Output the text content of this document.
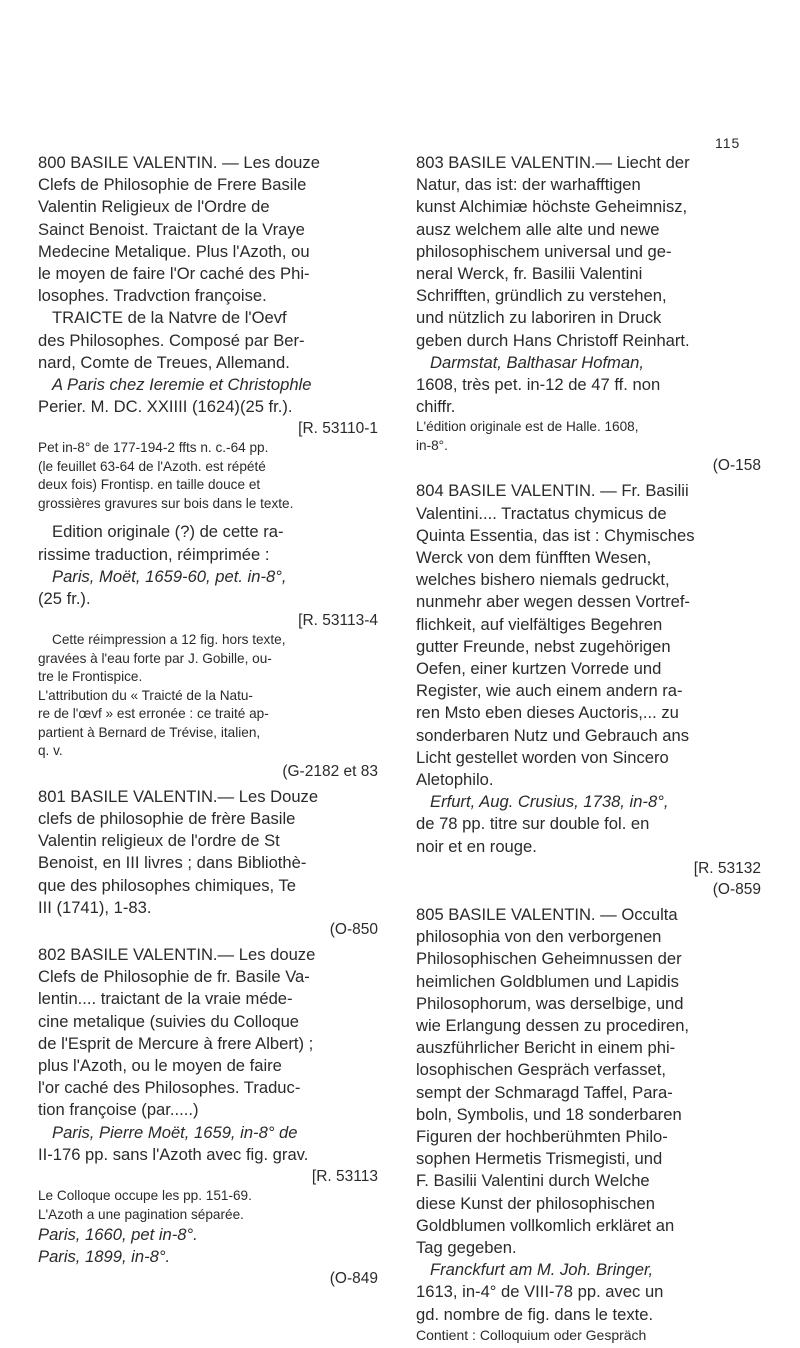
115

800 BASILE VALENTIN. — Les douze

Clefs de Philosophie de Frere Basile

Valentin Religieux de l'Ordre de

Sainct Benoist. Traictant de la Vraye

Medecine Metalique. Plus l'Azoth, ou

le moyen de faire l'Or caché des Phi-

losophes. Tradvction françoise.

TRAICTE de la Natvre de l'Oevf

des Philosophes. Composé par Ber-

nard, Comte de Treues, Allemand.

A Paris chez Ieremie et Christophle

Perier. M. DC. XXIIII (1624)(25 fr.).

[R. 53110-1

Pet in-8° de 177-194-2 ffts n. c.-64 pp.

(le feuillet 63-64 de l'Azoth. est répété

deux fois) Frontisp. en taille douce et

grossières gravures sur bois dans le texte.

Edition originale (?) de cette ra-

rissime traduction, réimprimée :

Paris, Moët, 1659-60, pet. in-8°,

(25 fr.).

[R. 53113-4

Cette réimpression a 12 fig. hors texte,

gravées à l'eau forte par J. Gobille, ou-

tre le Frontispice.

L'attribution du « Traicté de la Natu-

re de l'œvf » est erronée : ce traité ap-

partient à Bernard de Trévise, italien,

q. v.

(G-2182 et 83

801 BASILE VALENTIN.— Les Douze

clefs de philosophie de frère Basile

Valentin religieux de l'ordre de St

Benoist, en III livres ; dans Bibliothè-

que des philosophes chimiques, Te

III (1741), 1-83.

(O-850

802 BASILE VALENTIN.— Les douze

Clefs de Philosophie de fr. Basile Va-

lentin.... traictant de la vraie méde-

cine metalique (suivies du Colloque

de l'Esprit de Mercure à frere Albert) ;

plus l'Azoth, ou le moyen de faire

l'or caché des Philosophes. Traduc-

tion françoise (par.....)

Paris, Pierre Moët, 1659, in-8° de

II-176 pp. sans l'Azoth avec fig. grav.

[R. 53113

Le Colloque occupe les pp. 151-69.

L'Azoth a une pagination séparée.

Paris, 1660, pet in-8°.

Paris, 1899, in-8°.

(O-849

803 BASILE VALENTIN.— Liecht der

Natur, das ist: der warhafftigen

kunst Alchimiæ höchste Geheimnisz,

ausz welchem alle alte und newe

philosophischem universal und ge-

neral Werck, fr. Basilii Valentini

Schrifften, gründlich zu verstehen,

und nützlich zu laboriren in Druck

geben durch Hans Christoff Reinhart.

Darmstat, Balthasar Hofman,

1608, très pet. in-12 de 47 ff. non

chiffr.

L'édition originale est de Halle. 1608,

in-8°.

(O-158

804 BASILE VALENTIN. — Fr. Basilii

Valentini.... Tractatus chymicus de

Quinta Essentia, das ist : Chymisches

Werck von dem fünfften Wesen,

welches bishero niemals gedruckt,

nunmehr aber wegen dessen Vortref-

flichkeit, auf vielfältiges Begehren

gutter Freunde, nebst zugehörigen

Oefen, einer kurtzen Vorrede und

Register, wie auch einem andern ra-

ren Msto eben dieses Auctoris,... zu

sonderbaren Nutz und Gebrauch ans

Licht gestellet worden von Sincero

Aletophilo.

Erfurt, Aug. Crusius, 1738, in-8°,

de 78 pp. titre sur double fol. en

noir et en rouge.

[R. 53132

(O-859

805 BASILE VALENTIN. — Occulta

philosophia von den verborgenen

Philosophischen Geheimnussen der

heimlichen Goldblumen und Lapidis

Philosophorum, was derselbige, und

wie Erlangung dessen zu procediren,

auszführlicher Bericht in einem phi-

losophischen Gespräch verfasset,

sempt der Schmaragd Taffel, Para-

boln, Symbolis, und 18 sonderbaren

Figuren der hochberühmten Philo-

sophen Hermetis Trismegisti, und

F. Basilii Valentini durch Welche

diese Kunst der philosophischen

Goldblumen vollkomlich erkläret an

Tag gegeben.

Franckfurt am M. Joh. Bringer,

1613, in-4° de VIII-78 pp. avec un

gd. nombre de fig. dans le texte.

Contient : Colloquium oder Gespräch
